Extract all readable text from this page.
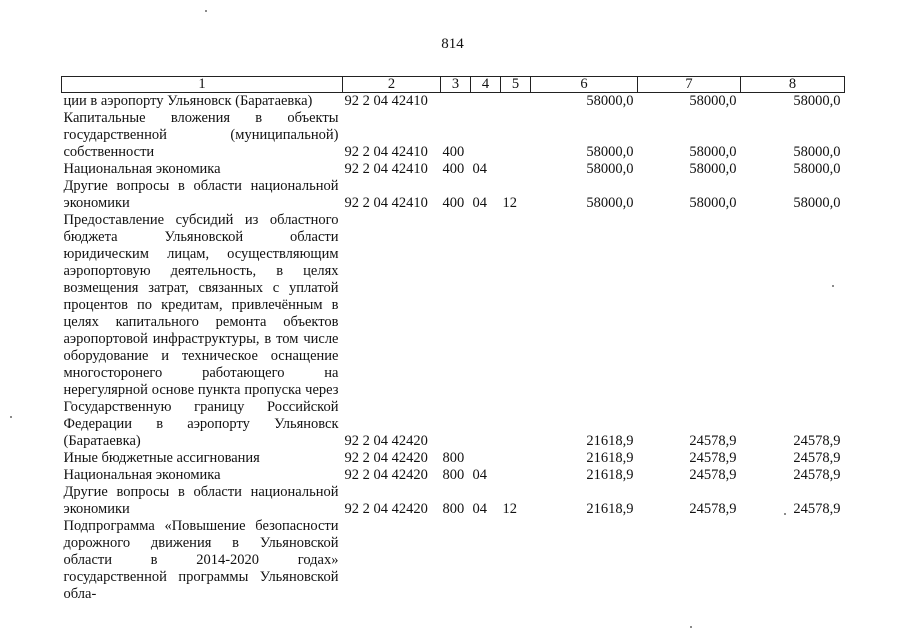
814
1	2	3	4	5	6	7	8
ции в аэропорту Ульяновск (Баратаевка)	92 2 04 42410				58000,0	58000,0	58000,0
Капитальные вложения в объекты государственной (муниципальной) собственности	92 2 04 42410	400			58000,0	58000,0	58000,0
Национальная экономика	92 2 04 42410	400	04		58000,0	58000,0	58000,0
Другие вопросы в области национальной экономики	92 2 04 42410	400	04	12	58000,0	58000,0	58000,0
Предоставление субсидий из областного бюджета Ульяновской области юридическим лицам, осуществляющим аэропортовую деятельность, в целях возмещения затрат, связанных с уплатой процентов по кредитам, привлечённым в целях капитального ремонта объектов аэропортовой инфраструктуры, в том числе оборудование и техническое оснащение многосторонего работающего на нерегулярной основе пункта пропуска через Государственную границу Российской Федерации в аэропорту Ульяновск (Баратаевка)	92 2 04 42420				21618,9	24578,9	24578,9
Иные бюджетные ассигнования	92 2 04 42420	800			21618,9	24578,9	24578,9
Национальная экономика	92 2 04 42420	800	04		21618,9	24578,9	24578,9
Другие вопросы в области национальной экономики	92 2 04 42420	800	04	12	21618,9	24578,9	24578,9
Подпрограмма «Повышение безопасности дорожного движения в Ульяновской области в 2014-2020 годах» государственной программы Ульяновской обла-							
